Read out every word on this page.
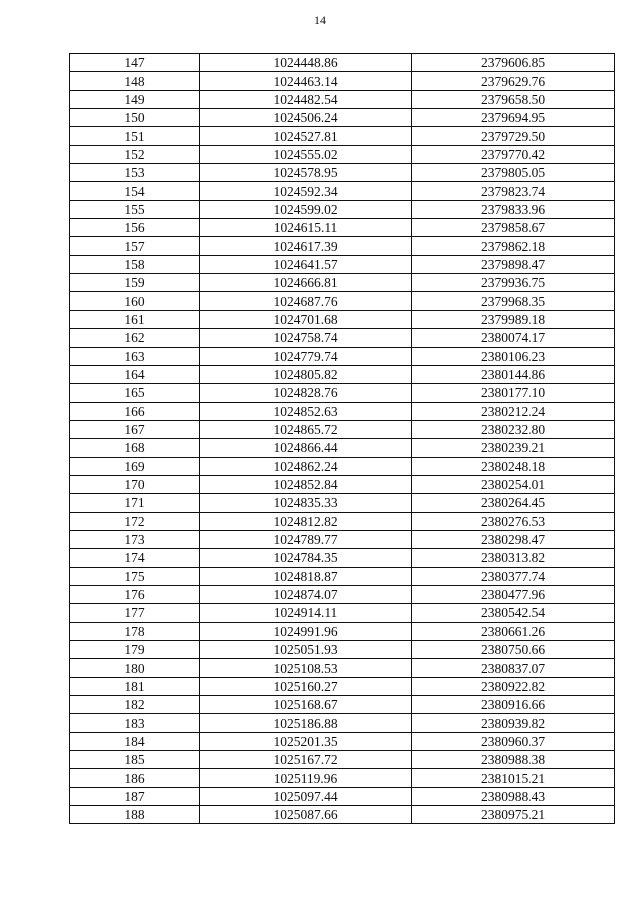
14
147	1024448.86	2379606.85
148	1024463.14	2379629.76
149	1024482.54	2379658.50
150	1024506.24	2379694.95
151	1024527.81	2379729.50
152	1024555.02	2379770.42
153	1024578.95	2379805.05
154	1024592.34	2379823.74
155	1024599.02	2379833.96
156	1024615.11	2379858.67
157	1024617.39	2379862.18
158	1024641.57	2379898.47
159	1024666.81	2379936.75
160	1024687.76	2379968.35
161	1024701.68	2379989.18
162	1024758.74	2380074.17
163	1024779.74	2380106.23
164	1024805.82	2380144.86
165	1024828.76	2380177.10
166	1024852.63	2380212.24
167	1024865.72	2380232.80
168	1024866.44	2380239.21
169	1024862.24	2380248.18
170	1024852.84	2380254.01
171	1024835.33	2380264.45
172	1024812.82	2380276.53
173	1024789.77	2380298.47
174	1024784.35	2380313.82
175	1024818.87	2380377.74
176	1024874.07	2380477.96
177	1024914.11	2380542.54
178	1024991.96	2380661.26
179	1025051.93	2380750.66
180	1025108.53	2380837.07
181	1025160.27	2380922.82
182	1025168.67	2380916.66
183	1025186.88	2380939.82
184	1025201.35	2380960.37
185	1025167.72	2380988.38
186	1025119.96	2381015.21
187	1025097.44	2380988.43
188	1025087.66	2380975.21
